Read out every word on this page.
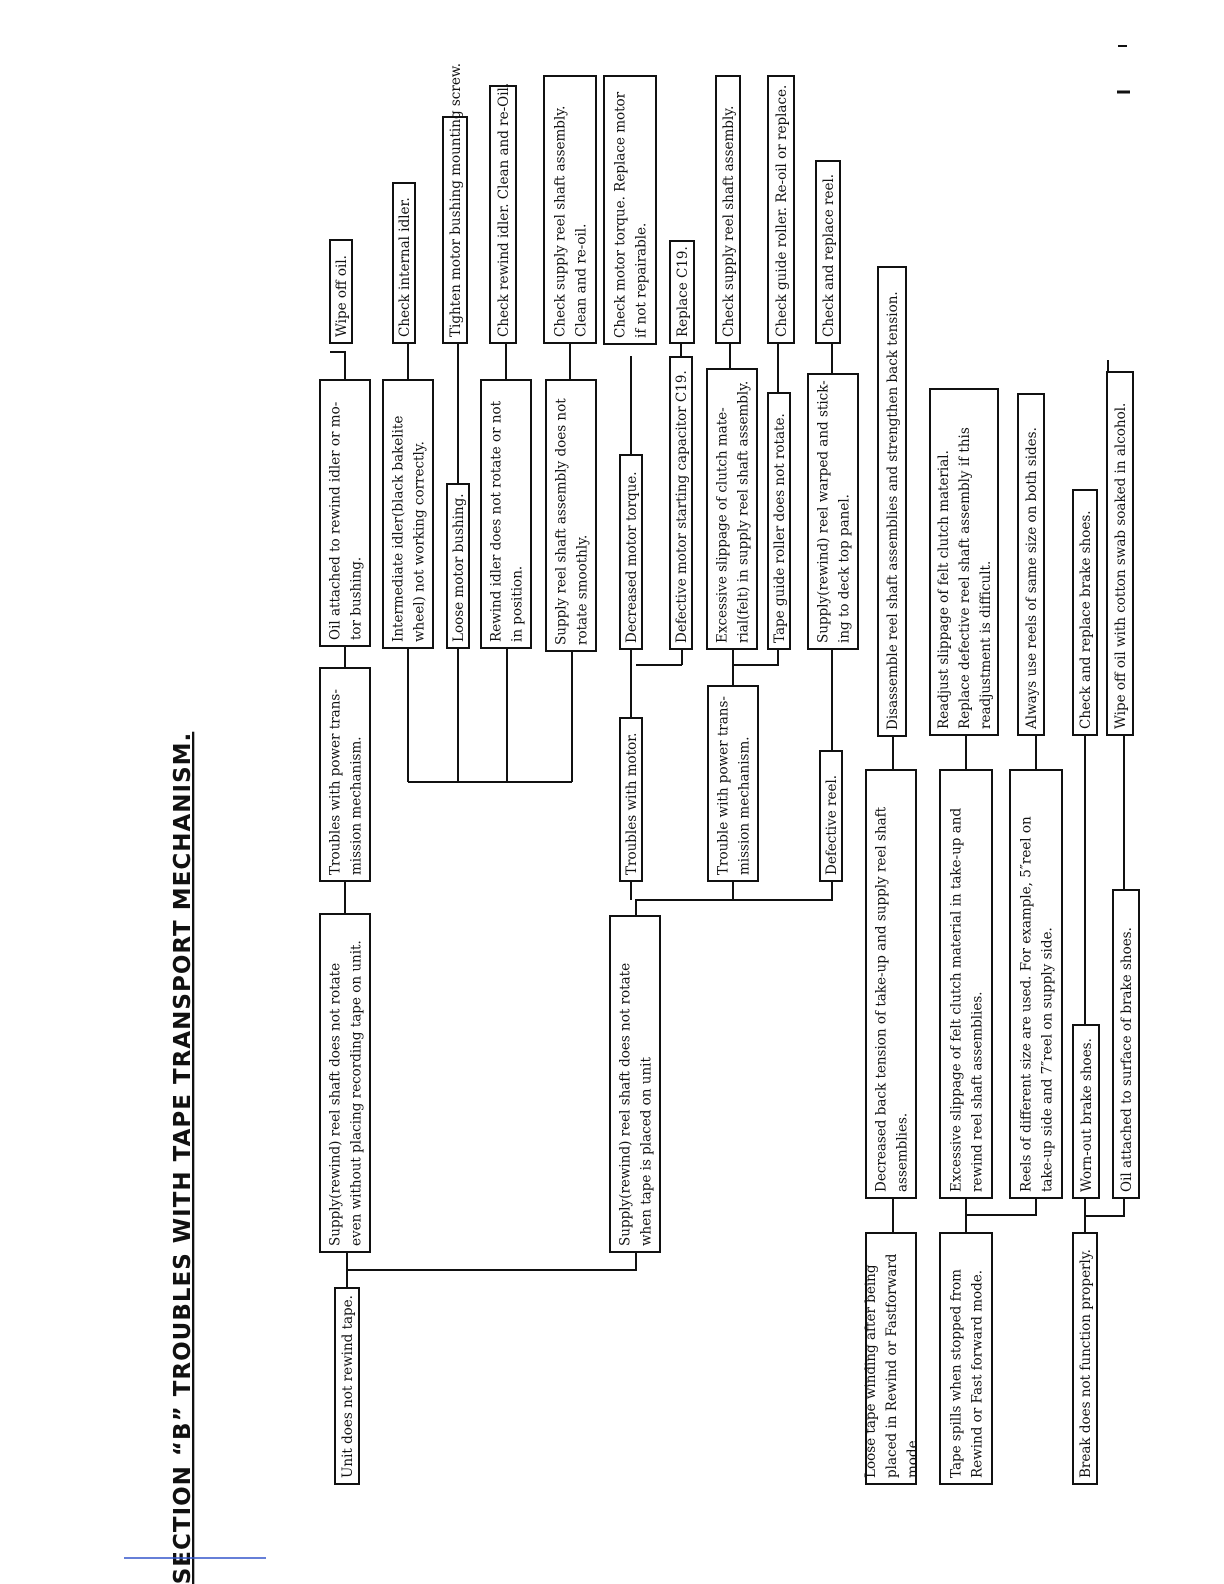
Unit does not rewind tape.
Supply(rewind) reel shaft does not rotate even without placing recording tape on unit.	Supply(rewind) reel shaft does not rotate when tape is placed on unit
Troubles with power trans- mission mechanism.	Troubles with motor.	Trouble with power trans- mission mechanism.	Defective reel.
Oil attached to rewind idler or mo- tor bushing. Intermediate idler(black bakelite wheel) not working correctly. Loose motor bushing. Rewind idler does not rotate or not in position. Supply reel shaft assembly does not rotate smoothly. Decreased motor torque.	Defective motor starting capacitor C19. Excessive slippage of clutch mate- rial(felt) in supply reel shaft assembly. Tape guide roller does not rotate. Supply(rewind) reel warped and stick- ing to deck top panel.
Wipe off oil.	Check internal idler.	Tighten motor bushing mounting screw. Check rewind idler. Clean and re-Oil.	Check supply reel shaft assembly. Clean and re-oil. Check motor torque. Replace motor if not repairable. Replace C19. Check supply reel shaft assembly.	Check guide roller. Re-oil or replace. Check and replace reel.
Loose tape winding after being placed in Rewind or Fastforward mode.
Decreased back tension of take-up and supply reel shaft assemblies.
Disassemble reel shaft assemblies and strengthen back tension.
Tape spills when stopped from Rewind or Fast forward mode.
Excessive slippage of felt clutch material in take-up and rewind reel shaft assemblies.
Readjust slippage of felt clutch material. Replace defective reel shaft assembly if this readjustment is difficult.
Reels of different size are used. For example, 5″reel on take-up side and 7″reel on supply side.
Always use reels of same size on both sides.
Break does not function properly.
Worn-out brake shoes.
Check and replace brake shoes.
Oil attached to surface of brake shoes.
Wipe off oil with cotton swab soaked in alcohol.
SECTION “B” TROUBLES WITH TAPE TRANSPORT MECHANISM.
